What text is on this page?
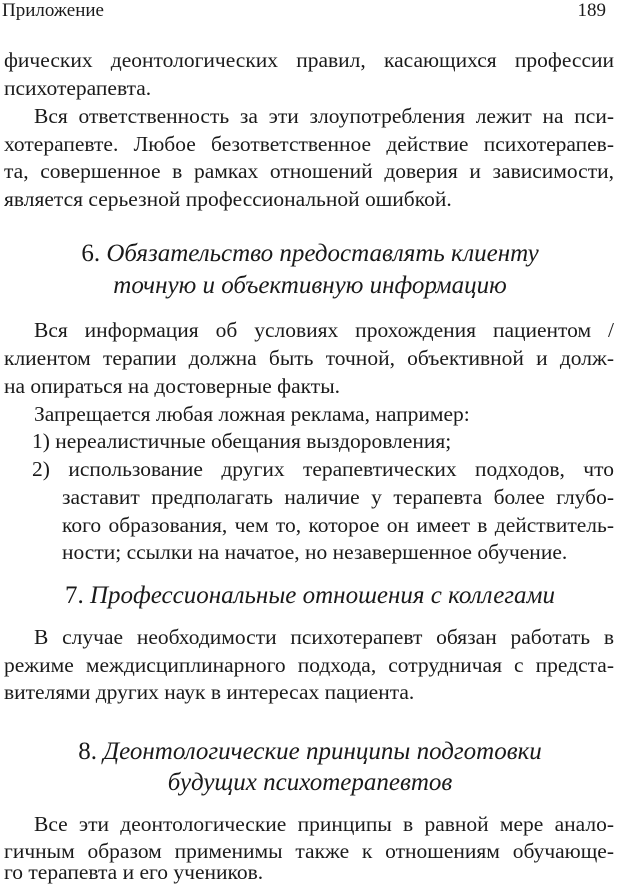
Приложение	189
фических деонтологических правил, касающихся профессии
психотерапевта.
Вся ответственность за эти злоупотребления лежит на пси-
хотерапевте. Любое безответственное действие психотерапев-
та, совершенное в рамках отношений доверия и зависимости,
является серьезной профессиональной ошибкой.
6. Обязательство предоставлять клиенту
точную и объективную информацию
Вся информация об условиях прохождения пациентом /
клиентом терапии должна быть точной, объективной и долж-
на опираться на достоверные факты.
Запрещается любая ложная реклама, например:
1) нереалистичные обещания выздоровления;
2) использование других терапевтических подходов, что
заставит предполагать наличие у терапевта более глубо-
кого образования, чем то, которое он имеет в действитель-
ности; ссылки на начатое, но незавершенное обучение.
7. Профессиональные отношения с коллегами
В случае необходимости психотерапевт обязан работать в
режиме междисциплинарного подхода, сотрудничая с предста-
вителями других наук в интересах пациента.
8. Деонтологические принципы подготовки
будущих психотерапевтов
Все эти деонтологические принципы в равной мере анало-
гичным образом применимы также к отношениям обучающе-
го терапевта и его учеников.
